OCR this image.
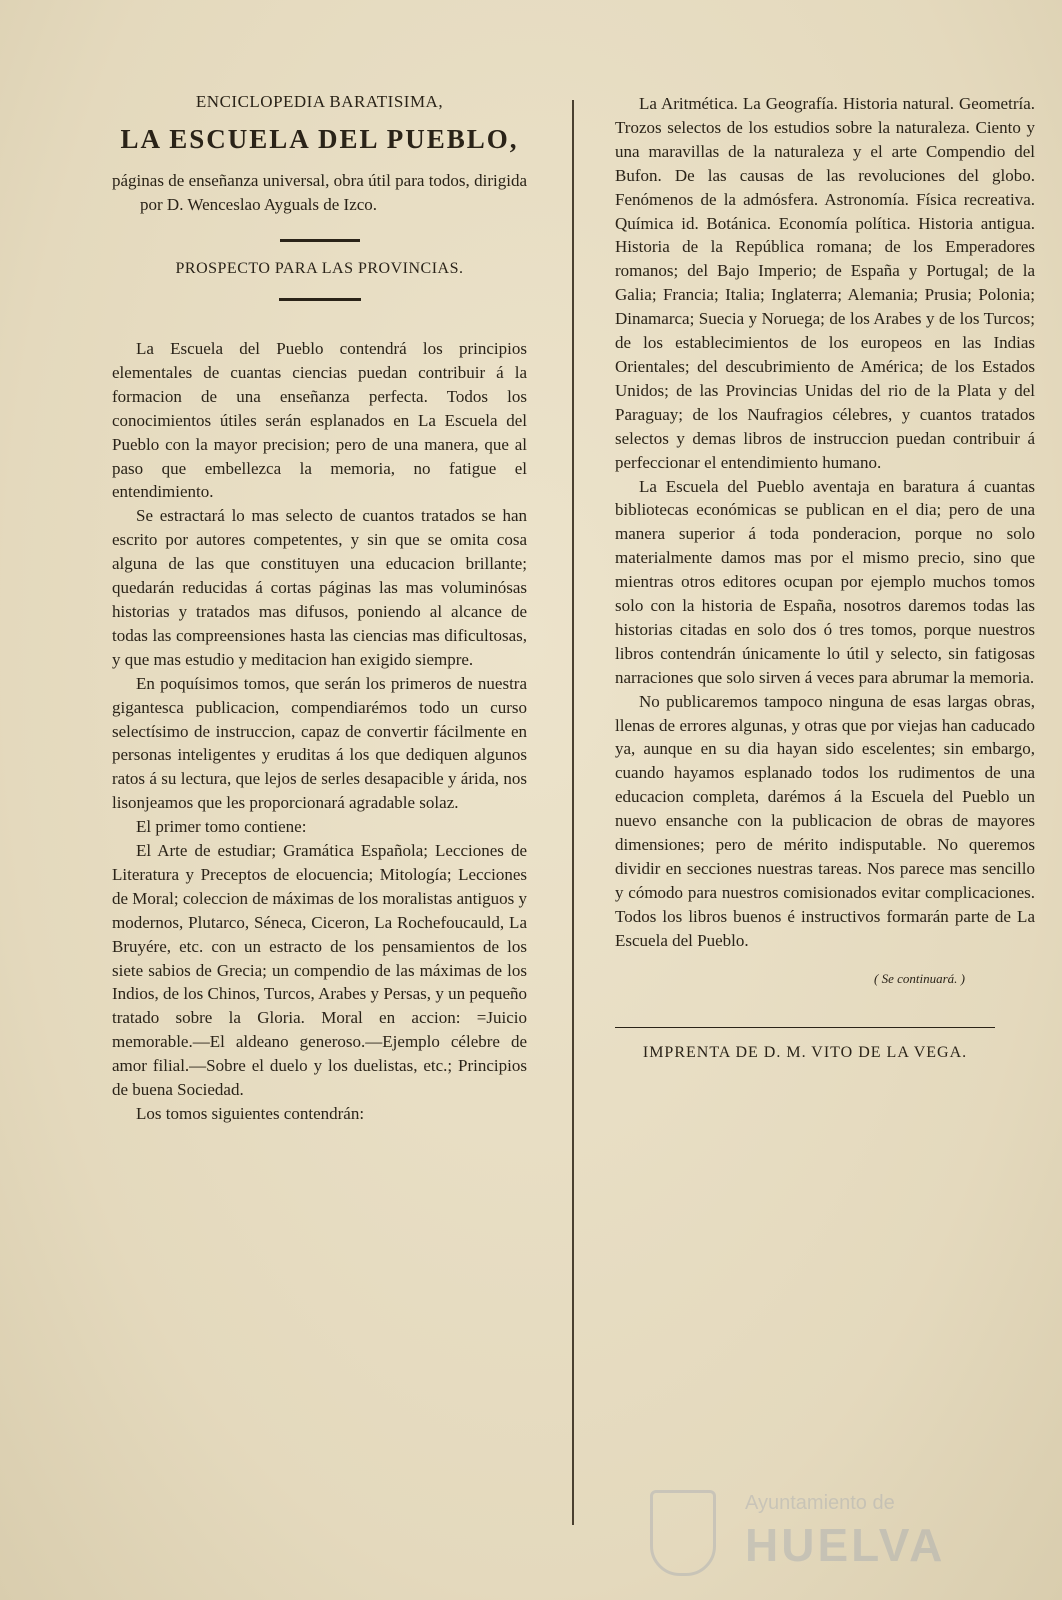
ENCICLOPEDIA BARATISIMA,
LA ESCUELA DEL PUEBLO,

páginas de enseñanza universal, obra útil para todos, dirigida por D. Wenceslao Ayguals de Izco.

PROSPECTO PARA LAS PROVINCIAS.

La Escuela del Pueblo contendrá los principios elementales de cuantas ciencias puedan contribuir á la formacion de una enseñanza perfecta. Todos los conocimientos útiles serán esplanados en La Escuela del Pueblo con la mayor precision; pero de una manera, que al paso que embellezca la memoria, no fatigue el entendimiento.

Se estractará lo mas selecto de cuantos tratados se han escrito por autores competentes, y sin que se omita cosa alguna de las que constituyen una educacion brillante; quedarán reducidas á cortas páginas las mas voluminósas historias y tratados mas difusos, poniendo al alcance de todas las compreensiones hasta las ciencias mas dificultosas, y que mas estudio y meditacion han exigido siempre.

En poquísimos tomos, que serán los primeros de nuestra gigantesca publicacion, compendiarémos todo un curso selectísimo de instruccion, capaz de convertir fácilmente en personas inteligentes y eruditas á los que dediquen algunos ratos á su lectura, que lejos de serles desapacible y árida, nos lisonjeamos que les proporcionará agradable solaz.

El primer tomo contiene:

El Arte de estudiar; Gramática Española; Lecciones de Literatura y Preceptos de elocuencia; Mitología; Lecciones de Moral; coleccion de máximas de los moralistas antiguos y modernos, Plutarco, Séneca, Ciceron, La Rochefoucauld, La Bruyére, etc. con un estracto de los pensamientos de los siete sabios de Grecia; un compendio de las máximas de los Indios, de los Chinos, Turcos, Arabes y Persas, y un pequeño tratado sobre la Gloria. Moral en accion: =Juicio memorable.—El aldeano generoso.—Ejemplo célebre de amor filial.—Sobre el duelo y los duelistas, etc.; Principios de buena Sociedad.

Los tomos siguientes contendrán:

La Aritmética. La Geografía. Historia natural. Geometría. Trozos selectos de los estudios sobre la naturaleza. Ciento y una maravillas de la naturaleza y el arte Compendio del Bufon. De las causas de las revoluciones del globo. Fenómenos de la admósfera. Astronomía. Física recreativa. Química id. Botánica. Economía política. Historia antigua. Historia de la República romana; de los Emperadores romanos; del Bajo Imperio; de España y Portugal; de la Galia; Francia; Italia; Inglaterra; Alemania; Prusia; Polonia; Dinamarca; Suecia y Noruega; de los Arabes y de los Turcos; de los establecimientos de los europeos en las Indias Orientales; del descubrimiento de América; de los Estados Unidos; de las Provincias Unidas del rio de la Plata y del Paraguay; de los Naufragios célebres, y cuantos tratados selectos y demas libros de instruccion puedan contribuir á perfeccionar el entendimiento humano.

La Escuela del Pueblo aventaja en baratura á cuantas bibliotecas económicas se publican en el dia; pero de una manera superior á toda ponderacion, porque no solo materialmente damos mas por el mismo precio, sino que mientras otros editores ocupan por ejemplo muchos tomos solo con la historia de España, nosotros daremos todas las historias citadas en solo dos ó tres tomos, porque nuestros libros contendrán únicamente lo útil y selecto, sin fatigosas narraciones que solo sirven á veces para abrumar la memoria.

No publicaremos tampoco ninguna de esas largas obras, llenas de errores algunas, y otras que por viejas han caducado ya, aunque en su dia hayan sido escelentes; sin embargo, cuando hayamos esplanado todos los rudimentos de una educacion completa, darémos á la Escuela del Pueblo un nuevo ensanche con la publicacion de obras de mayores dimensiones; pero de mérito indisputable. No queremos dividir en secciones nuestras tareas. Nos parece mas sencillo y cómodo para nuestros comisionados evitar complicaciones. Todos los libros buenos é instructivos formarán parte de La Escuela del Pueblo.

( Se continuará. )
IMPRENTA DE D. M. VITO DE LA VEGA.
Ayuntamiento de
HUELVA
